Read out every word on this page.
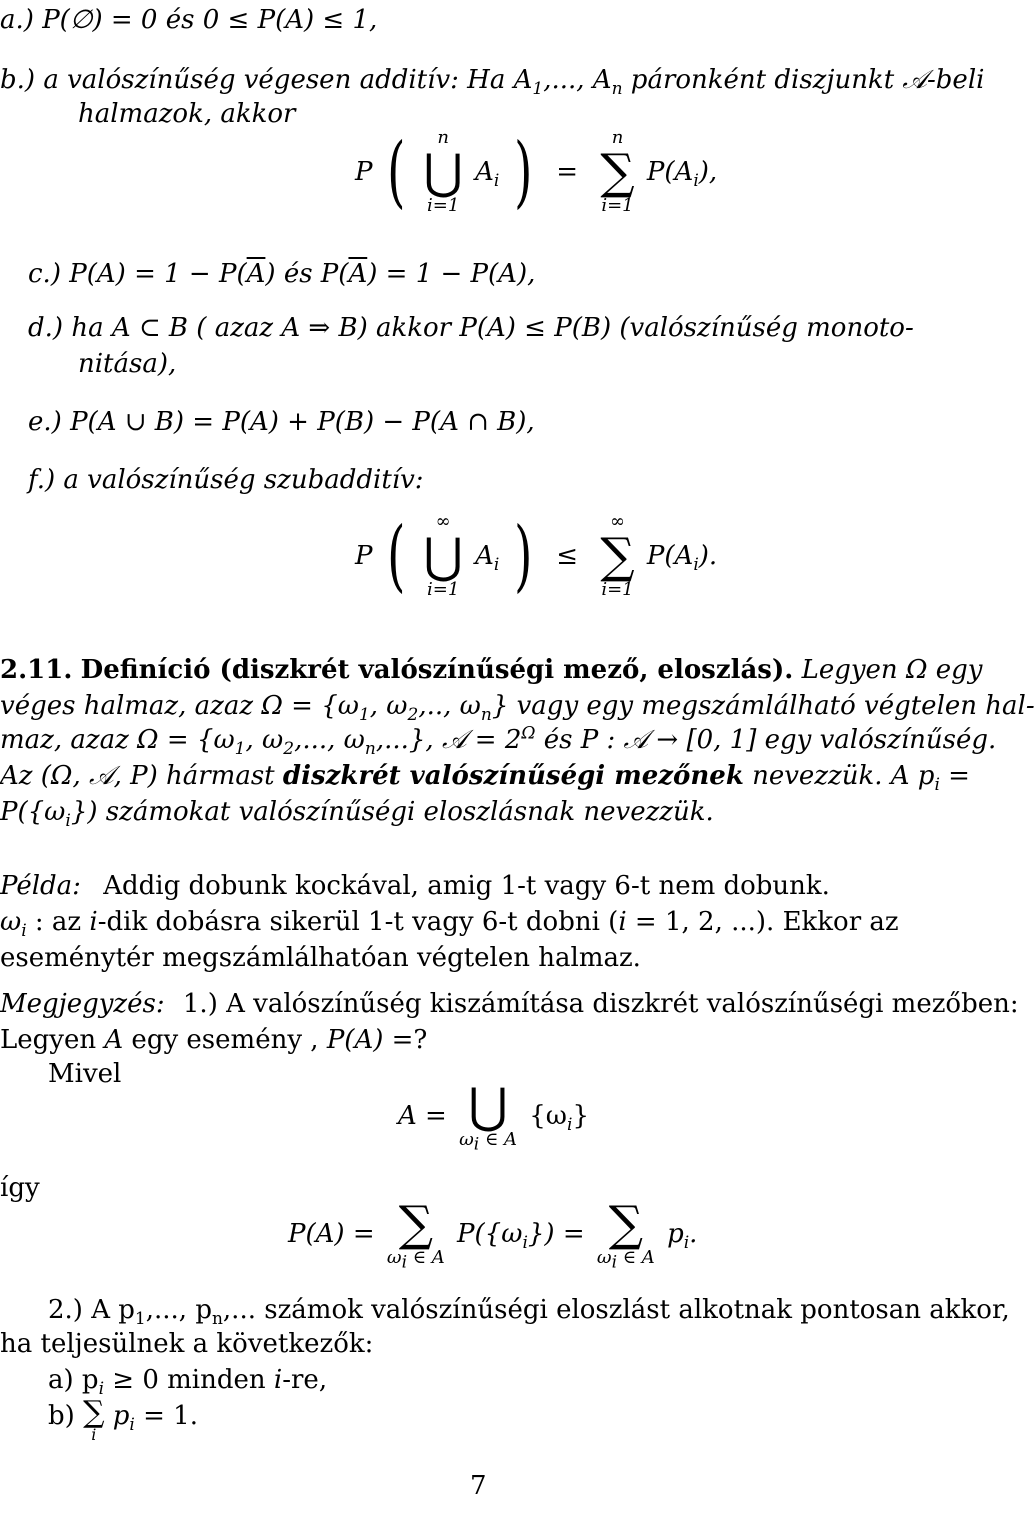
a.) P(∅) = 0 és 0 ≤ P(A) ≤ 1,
b.) a valószínűség végesen additív: Ha $A_1$,..., $A_n$ páronként diszjunkt 𝒜-beli
halmazok, akkor
P ( n
⋃
i=1
$A_i$ ) =
n
∑
i=1
$P(A_i)$,
c.) $P(A) = 1 - P(\overline{A})$ és $P(\overline{A}) = 1 - P(A)$,
d.) ha A ⊂ B ( azaz A ⇒ B) akkor P(A) ≤ P(B) (valószínűség monoto-
nitása),
e.) P(A ∪ B) = P(A) + P(B) − P(A ∩ B),
f.) a valószínűség szubadditív:
P ( ∞
⋃
i=1
$A_i$ ) ≤
∞
∑
i=1
$P(A_i)$.
2.11. Definíció (diszkrét valószínűségi mező, eloszlás). Legyen Ω egy
véges halmaz, azaz $\Omega = \{\omega_1$, $\omega_2$,.., $\omega_n$} vagy egy megszámlálható végtelen hal-
maz, azaz $\Omega = \{\omega_1$, $\omega_2$,..., $\omega_n$,...}, 𝒜 = $2^\Omega$ és P : 𝒜 → [0, 1] egy valószínűség.
Az (Ω, 𝒜, P) hármast diszkrét valószínűségi mezőnek nevezzük. A $p_i$ =
$P(\{\omega_i\})$ számokat valószínűségi eloszlásnak nevezzük.
Példa: Addig dobunk kockával, amig 1-t vagy 6-t nem dobunk.
$\omega_i$ : az i-dik dobásra sikerül 1-t vagy 6-t dobni (i = 1, 2, ...). Ekkor az
eseménytér megszámlálhatóan végtelen halmaz.
Megjegyzés: 1.) A valószínűség kiszámítása diszkrét valószínűségi mezőben:
Legyen A egy esemény , P(A) =?
Mivel
A = ⋃
$\omega_i$ ∈ A
$\{\omega_i\}$
így
P(A) = ∑
$\omega_i$ ∈ A
$P(\{\omega_i\})$ = ∑
$\omega_i$ ∈ A
$p_i$.
2.) A $p_1$,..., $p_n$,... számok valószínűségi eloszlást alkotnak pontosan akkor,
ha teljesülnek a következők:
a) $p_i \ge 0$ minden i-re,
b) ∑
i
$p_i = 1$.
7
